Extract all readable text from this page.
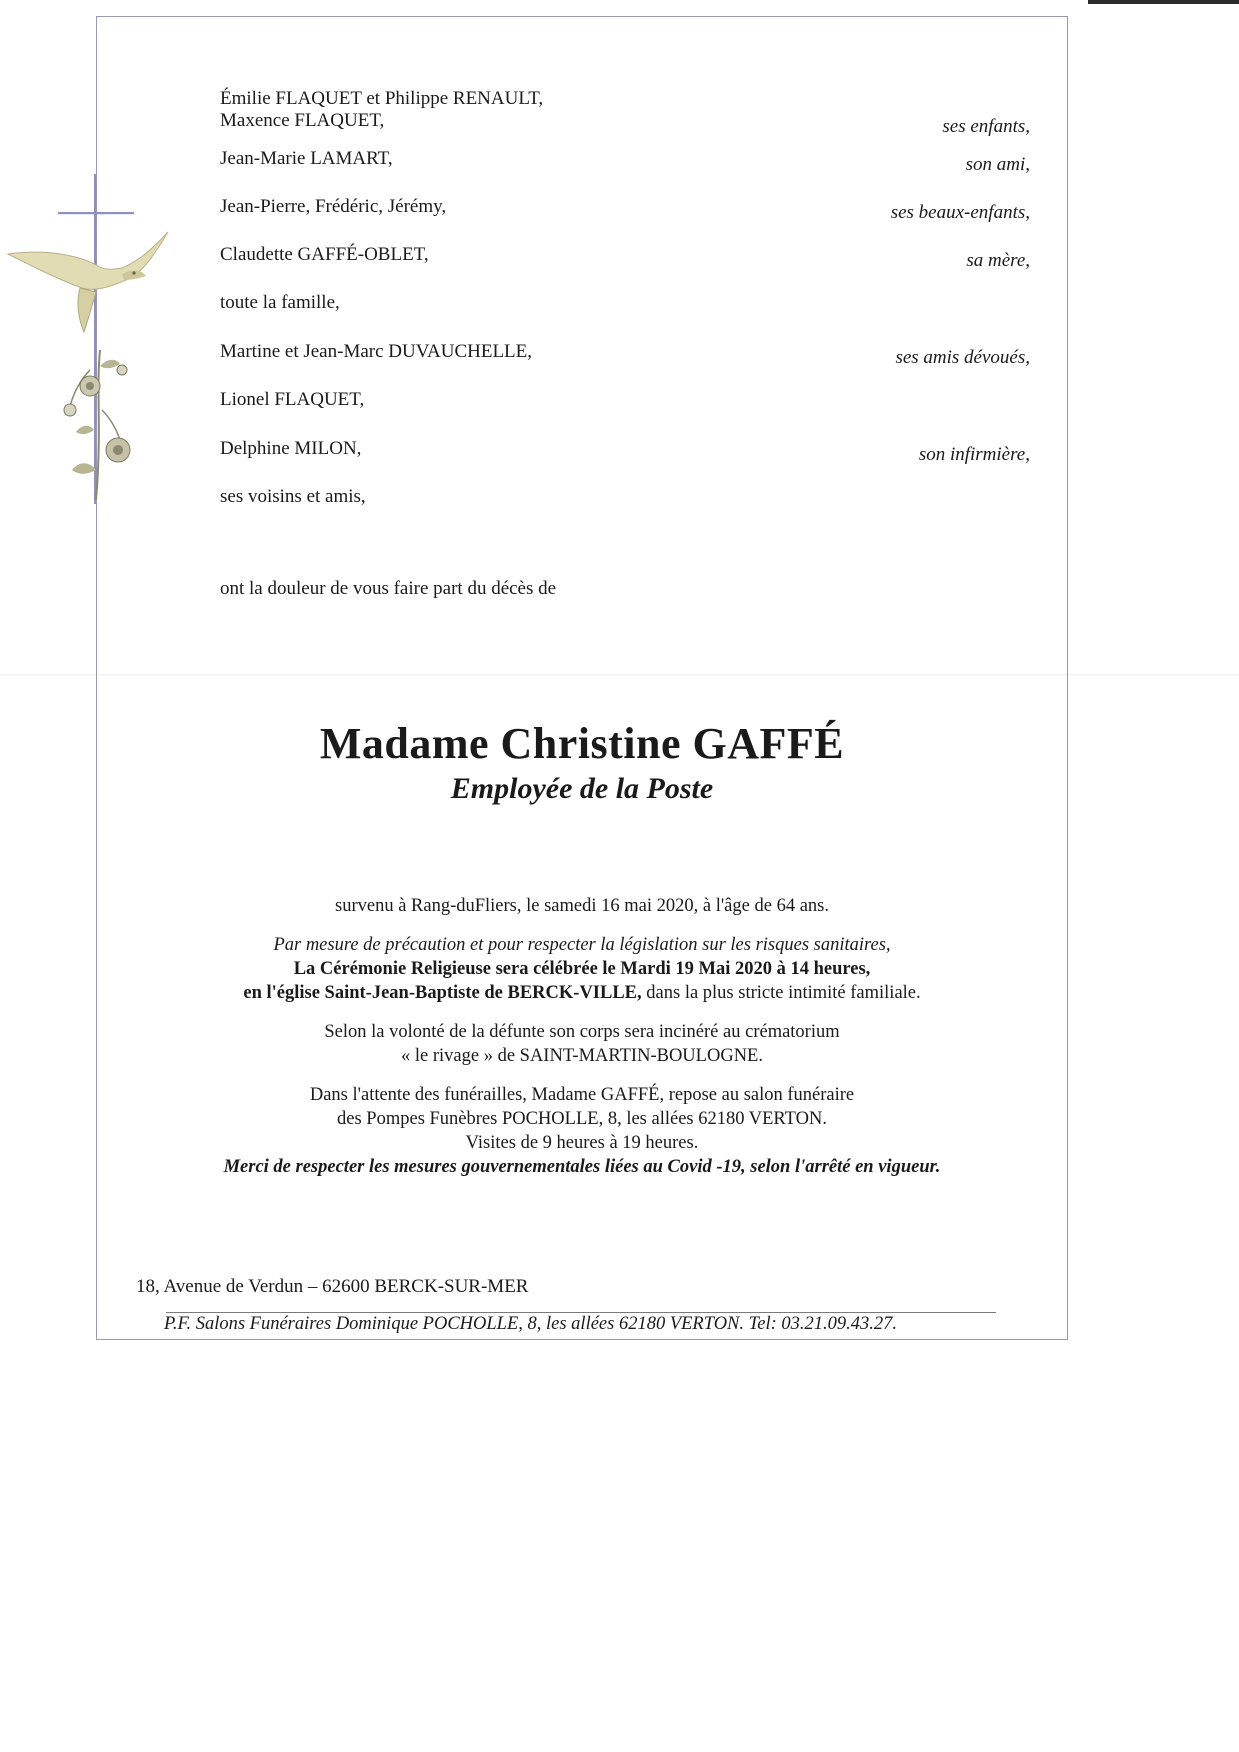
Émilie FLAQUET et Philippe RENAULT,
Maxence FLAQUET,	ses enfants,
Jean-Marie LAMART,	son ami,
Jean-Pierre, Frédéric, Jérémy,	ses beaux-enfants,
Claudette GAFFÉ-OBLET,	sa mère,
toute la famille,
Martine et Jean-Marc DUVAUCHELLE,	ses amis dévoués,
Lionel FLAQUET,
Delphine MILON,	son infirmière,
ses voisins et amis,
ont la douleur de vous faire part du décès de
Madame Christine GAFFÉ
Employée de la Poste

survenu à Rang-duFliers, le samedi 16 mai 2020, à l'âge de 64 ans.

Par mesure de précaution et pour respecter la législation sur les risques sanitaires,

La Cérémonie Religieuse sera célébrée le Mardi 19 Mai 2020 à 14 heures,

en l'église Saint-Jean-Baptiste de BERCK-VILLE, dans la plus stricte intimité familiale.

Selon la volonté de la défunte son corps sera incinéré au crématorium

« le rivage » de SAINT-MARTIN-BOULOGNE.

Dans l'attente des funérailles, Madame GAFFÉ, repose au salon funéraire

des Pompes Funèbres POCHOLLE, 8, les allées 62180 VERTON.

Visites de 9 heures à 19 heures.

Merci de respecter les mesures gouvernementales liées au Covid -19, selon l'arrêté en vigueur.

18, Avenue de Verdun – 62600 BERCK-SUR-MER
P.F. Salons Funéraires Dominique POCHOLLE, 8, les allées 62180 VERTON. Tel: 03.21.09.43.27.
